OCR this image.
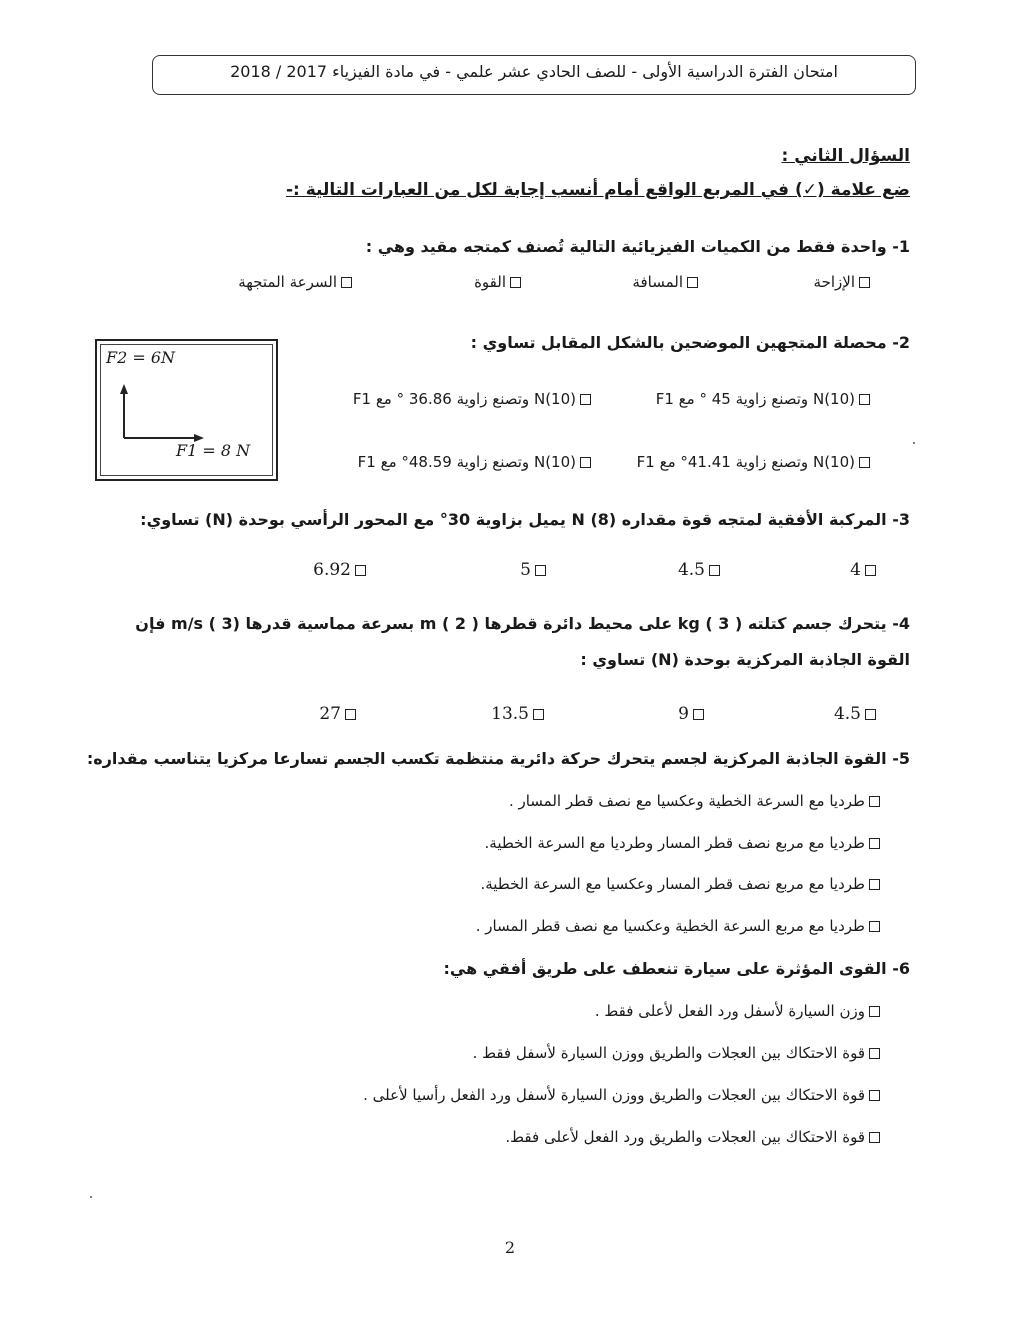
امتحان الفترة الدراسية الأولى - للصف الحادي عشر علمي - في مادة الفيزياء 2017 / 2018
السؤال الثاني :
ضع علامة (✓) في المربع الواقع أمام أنسب إجابة لكل من العبارات التالية :-
1- واحدة فقط من الكميات الفيزيائية التالية تُصنف كمتجه مقيد وهي :
الإزاحة
المسافة
القوة
السرعة المتجهة
2- محصلة المتجهين الموضحين بالشكل المقابل تساوي :
F2 = 6N
F1 = 8 N
(10)N وتصنع زاوية 45 ° مع F1
(10)N وتصنع زاوية 36.86 ° مع F1
(10)N وتصنع زاوية 41.41° مع F1
(10)N وتصنع زاوية 48.59° مع F1
3- المركبة الأفقية لمتجه قوة مقداره N (8) يميل بزاوية 30° مع المحور الرأسي بوحدة (N) تساوي:
4
4.5
5
6.92
4- يتحرك جسم كتلته kg ( 3 ) على محيط دائرة قطرها m ( 2 ) بسرعة مماسية قدرها m/s ( 3) فإن
القوة الجاذبة المركزية بوحدة (N) تساوي :
4.5
9
13.5
27
5- القوة الجاذبة المركزية لجسم يتحرك حركة دائرية منتظمة تكسب الجسم تسارعا مركزيا يتناسب مقداره:
طرديا مع السرعة الخطية وعكسيا مع نصف قطر المسار .
طرديا مع مربع نصف قطر المسار وطرديا مع السرعة الخطية.
طرديا مع مربع نصف قطر المسار وعكسيا مع السرعة الخطية.
طرديا مع مربع السرعة الخطية وعكسيا مع نصف قطر المسار .
6- القوى المؤثرة على سيارة تنعطف على طريق أفقي هي:
وزن السيارة لأسفل ورد الفعل لأعلى فقط .
قوة الاحتكاك بين العجلات والطريق ووزن السيارة لأسفل فقط .
قوة الاحتكاك بين العجلات والطريق ووزن السيارة لأسفل ورد الفعل رأسيا لأعلى .
قوة الاحتكاك بين العجلات والطريق ورد الفعل لأعلى فقط.
2
